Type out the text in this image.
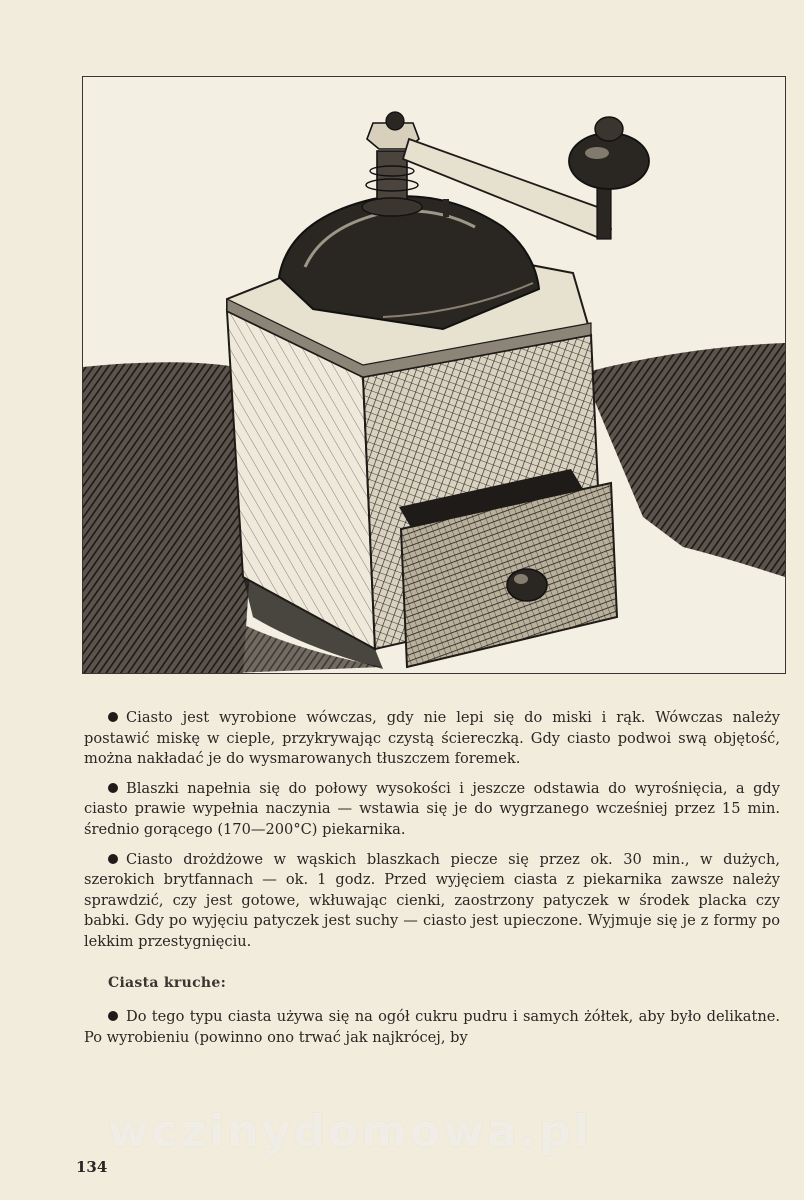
Ciasto jest wyrobione wówczas, gdy nie lepi się do miski i rąk. Wówczas należy postawić miskę w cieple, przykrywając czystą ściereczką. Gdy ciasto podwoi swą objętość, można nakładać je do wysmarowanych tłuszczem foremek.

Blaszki napełnia się do połowy wysokości i jeszcze odstawia do wyrośnięcia, a gdy ciasto prawie wypełnia naczynia — wstawia się je do wygrzanego wcześniej przez 15 min. średnio gorącego (170—200°C) piekarnika.

Ciasto drożdżowe w wąskich blaszkach piecze się przez ok. 30 min., w dużych, szerokich brytfannach — ok. 1 godz. Przed wyjęciem ciasta z piekarnika zawsze należy sprawdzić, czy jest gotowe, wkłuwając cienki, zaostrzony patyczek w środek placka czy babki. Gdy po wyjęciu patyczek jest suchy — ciasto jest upieczone. Wyjmuje się je z formy po lekkim przestygnięciu.

Ciasta kruche:

Do tego typu ciasta używa się na ogół cukru pudru i samych żółtek, aby było delikatne. Po wyrobieniu (powinno ono trwać jak najkrócej, by

wczinydomowa.pl
134
